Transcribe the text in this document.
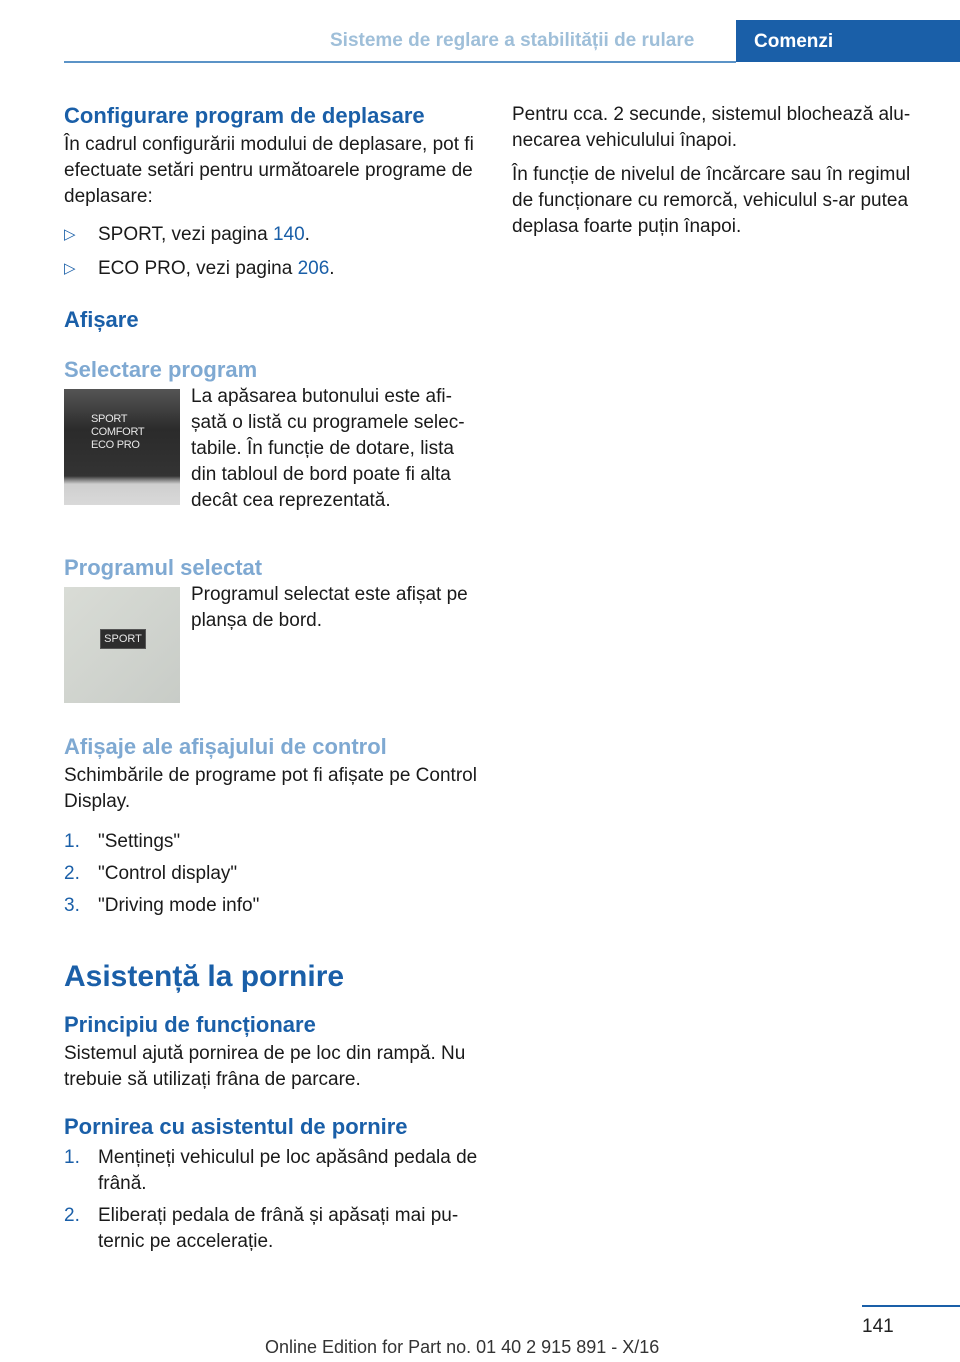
Sisteme de reglare a stabilității de rulare	Comenzi
Configurare program de deplasare

În cadrul configurării modului de deplasare, pot fi efectuate setări pentru următoarele programe de deplasare:

▷ SPORT, vezi pagina 140.
▷ ECO PRO, vezi pagina 206.
Afișare
Selectare program
SPORT
COMFORT
ECO PRO

La apăsarea butonului este afișată o listă cu programele selectabile. În funcție de dotare, lista din tabloul de bord poate fi alta decât cea reprezentată.

Programul selectat
SPORT

Programul selectat este afișat pe planșa de bord.

Afișaje ale afișajului de control

Schimbările de programe pot fi afișate pe Control Display.

1. "Settings"
2. "Control display"
3. "Driving mode info"
Asistență la pornire
Principiu de funcționare

Sistemul ajută pornirea de pe loc din rampă. Nu trebuie să utilizați frâna de parcare.

Pornirea cu asistentul de pornire
1. Mențineți vehiculul pe loc apăsând pedala de frână.
2. Eliberați pedala de frână și apăsați mai puternic pe accelerație.

Pentru cca. 2 secunde, sistemul blochează alunecarea vehiculului înapoi.

În funcție de nivelul de încărcare sau în regimul de funcționare cu remorcă, vehiculul s-ar putea deplasa foarte puțin înapoi.

141
Online Edition for Part no. 01 40 2 915 891 - X/16
